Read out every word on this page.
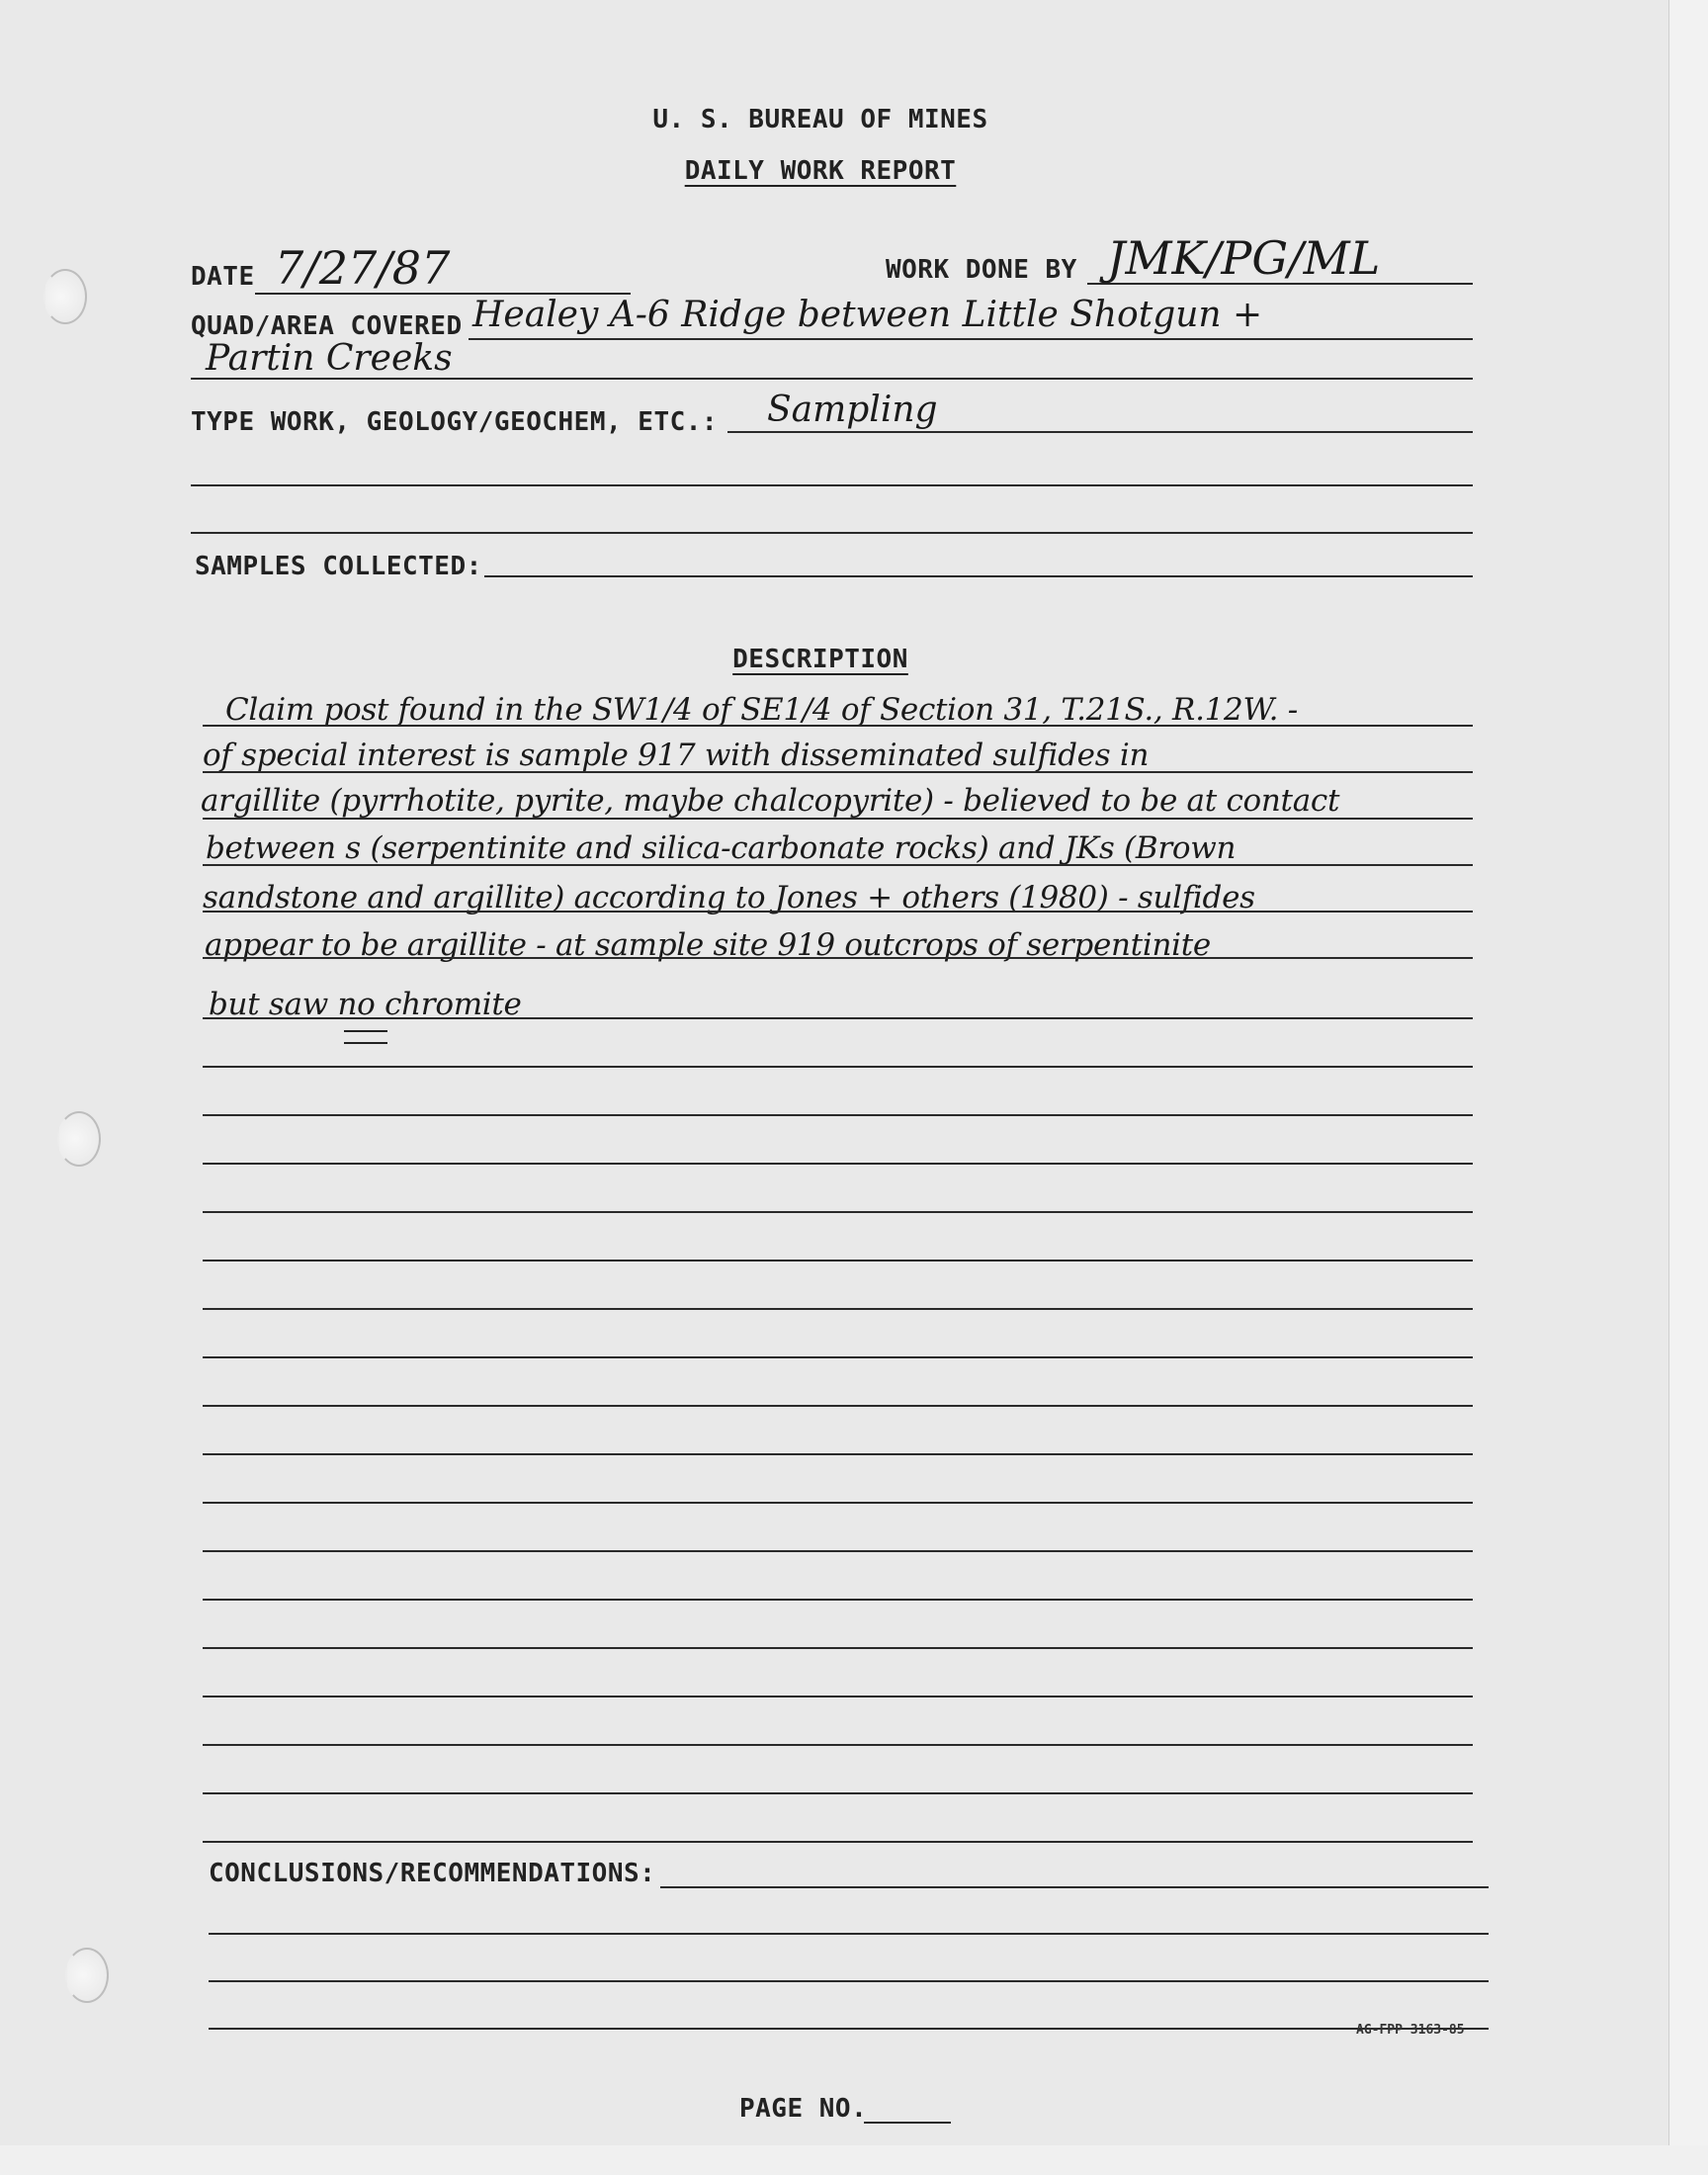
U. S. BUREAU OF MINES
DAILY WORK REPORT
DATE 7/27/87	WORK DONE BY JMK/PG/ML
QUAD/AREA COVERED Healey A-6 Ridge between Little Shotgun +
Partin Creeks
TYPE WORK, GEOLOGY/GEOCHEM, ETC.: Sampling
SAMPLES COLLECTED:
DESCRIPTION
Claim post found in the SW1/4 of SE1/4 of Section 31, T.21S., R.12W. -
of special interest is sample 917 with disseminated sulfides in
argillite (pyrrhotite, pyrite, maybe chalcopyrite) - believed to be at contact
between s (serpentinite and silica-carbonate rocks) and JKs (Brown
sandstone and argillite) according to Jones + others (1980) - sulfides
appear to be argillite - at sample site 919 outcrops of serpentinite
but saw no chromite
CONCLUSIONS/RECOMMENDATIONS:
AG-FPP 3163-85
PAGE NO.
